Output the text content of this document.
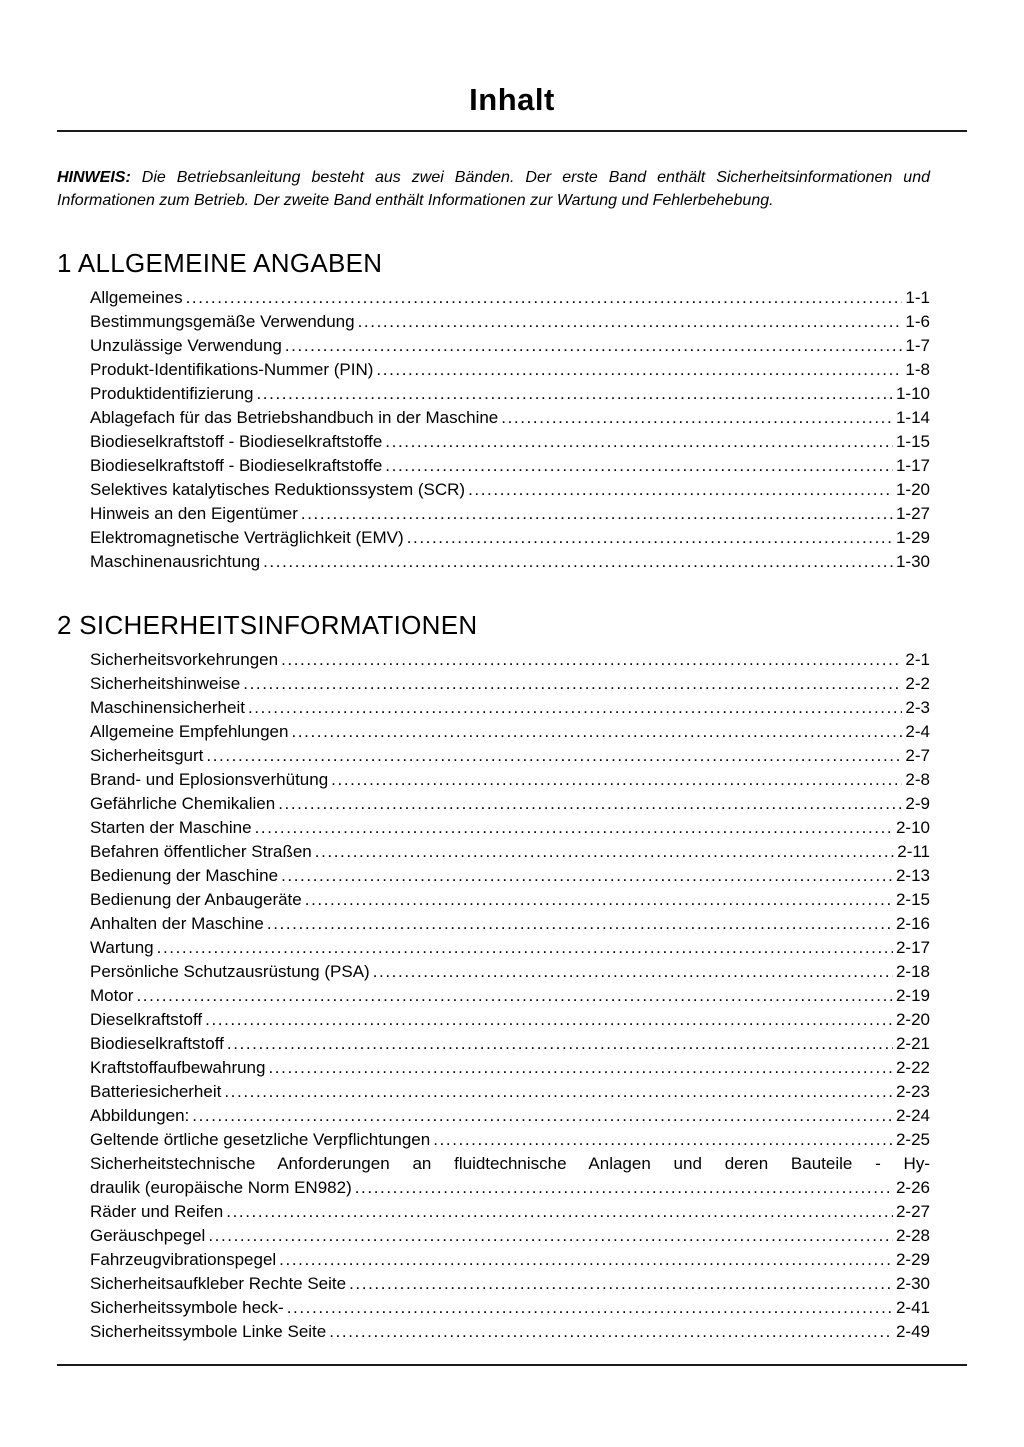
Inhalt

HINWEIS: Die Betriebsanleitung besteht aus zwei Bänden. Der erste Band enthält Sicherheitsinformationen und Informationen zum Betrieb. Der zweite Band enthält Informationen zur Wartung und Fehlerbehebung.

1 ALLGEMEINE ANGABEN
Allgemeines .....	1-1
Bestimmungsgemäße Verwendung .....	1-6
Unzulässige Verwendung .....	1-7
Produkt-Identifikations-Nummer (PIN) .....	1-8
Produktidentifizierung .....	1-10
Ablagefach für das Betriebshandbuch in der Maschine .....	1-14
Biodieselkraftstoff - Biodieselkraftstoffe .....	1-15
Biodieselkraftstoff - Biodieselkraftstoffe .....	1-17
Selektives katalytisches Reduktionssystem (SCR) .....	1-20
Hinweis an den Eigentümer .....	1-27
Elektromagnetische Verträglichkeit (EMV) .....	1-29
Maschinenausrichtung .....	1-30
2 SICHERHEITSINFORMATIONEN
Sicherheitsvorkehrungen .....	2-1
Sicherheitshinweise .....	2-2
Maschinensicherheit .....	2-3
Allgemeine Empfehlungen .....	2-4
Sicherheitsgurt .....	2-7
Brand- und Eplosionsverhütung .....	2-8
Gefährliche Chemikalien .....	2-9
Starten der Maschine .....	2-10
Befahren öffentlicher Straßen .....	2-11
Bedienung der Maschine .....	2-13
Bedienung der Anbaugeräte .....	2-15
Anhalten der Maschine .....	2-16
Wartung .....	2-17
Persönliche Schutzausrüstung (PSA) .....	2-18
Motor .....	2-19
Dieselkraftstoff .....	2-20
Biodieselkraftstoff .....	2-21
Kraftstoffaufbewahrung .....	2-22
Batteriesicherheit .....	2-23
Abbildungen: .....	2-24
Geltende örtliche gesetzliche Verpflichtungen .....	2-25
Sicherheitstechnische Anforderungen an fluidtechnische Anlagen und deren Bauteile - Hy-
draulik (europäische Norm EN982) .....	2-26
Räder und Reifen .....	2-27
Geräuschpegel .....	2-28
Fahrzeugvibrationspegel .....	2-29
Sicherheitsaufkleber Rechte Seite .....	2-30
Sicherheitssymbole heck- .....	2-41
Sicherheitssymbole Linke Seite .....	2-49
